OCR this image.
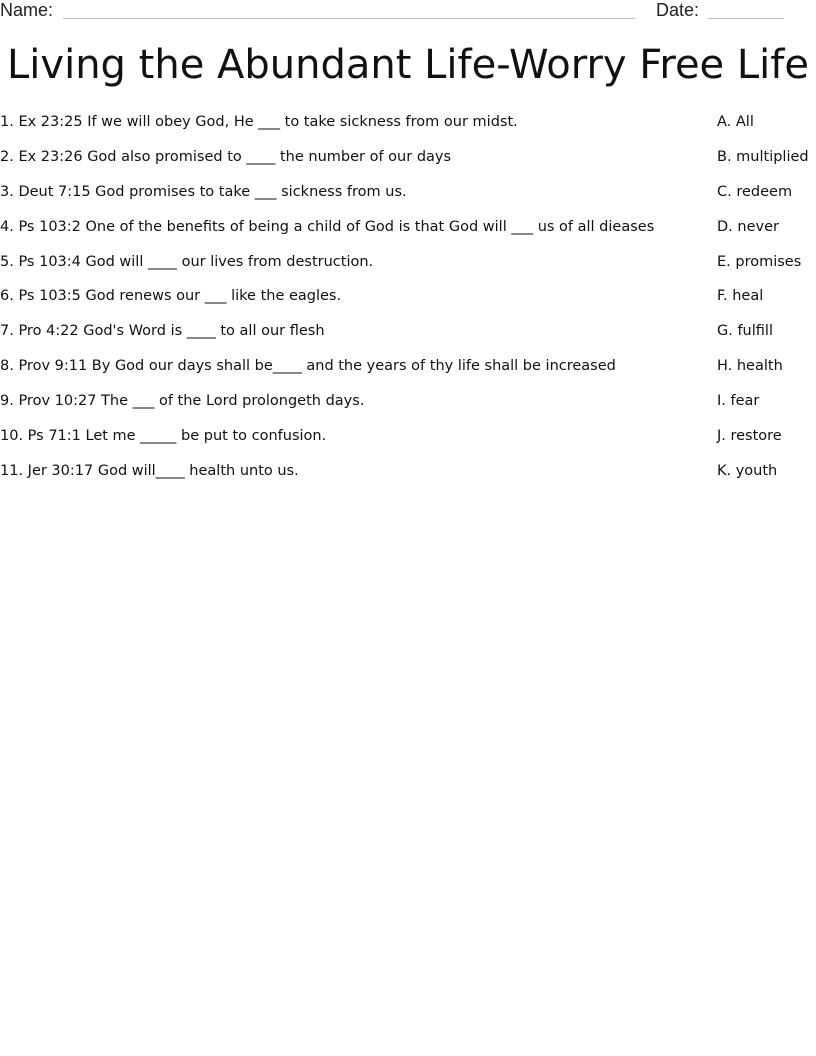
Name:	Date:
Living the Abundant Life-Worry Free Life
1. Ex 23:25 If we will obey God, He ___ to take sickness from our midst.
2. Ex 23:26 God also promised to ____ the number of our days
3. Deut 7:15 God promises to take ___ sickness from us.
4. Ps 103:2 One of the benefits of being a child of God is that God will ___ us of all dieases
5. Ps 103:4 God will ____ our lives from destruction.
6. Ps 103:5 God renews our ___ like the eagles.
7. Pro 4:22 God's Word is ____ to all our flesh
8. Prov 9:11 By God our days shall be____ and the years of thy life shall be increased
9. Prov 10:27 The ___ of the Lord prolongeth days.
10. Ps 71:1 Let me _____ be put to confusion.
11. Jer 30:17 God will____ health unto us.
A. All
B. multiplied
C. redeem
D. never
E. promises
F. heal
G. fulfill
H. health
I. fear
J. restore
K. youth
